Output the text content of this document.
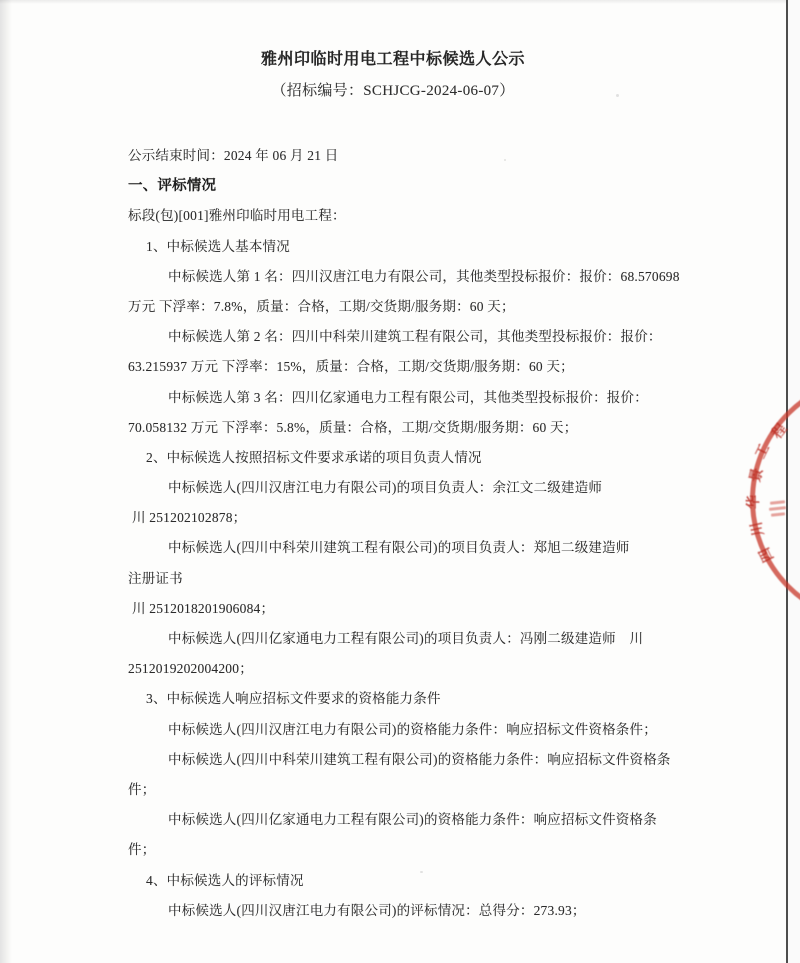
雅州印临时用电工程中标候选人公示
（招标编号：SCHJCG-2024-06-07）
公示结束时间：2024 年 06 月 21 日
一、评标情况
标段(包)[001]雅州印临时用电工程：
1、中标候选人基本情况
中标候选人第 1 名：四川汉唐江电力有限公司，其他类型投标报价：报价：68.570698
万元 下浮率：7.8%，质量：合格，工期/交货期/服务期：60 天；
中标候选人第 2 名：四川中科荣川建筑工程有限公司，其他类型投标报价：报价：
63.215937 万元 下浮率：15%，质量：合格，工期/交货期/服务期：60 天；
中标候选人第 3 名：四川亿家通电力工程有限公司，其他类型投标报价：报价：
70.058132 万元 下浮率：5.8%，质量：合格，工期/交货期/服务期：60 天；
2、中标候选人按照招标文件要求承诺的项目负责人情况
中标候选人(四川汉唐江电力有限公司)的项目负责人：余江文二级建造师
川 251202102878；
中标候选人(四川中科荣川建筑工程有限公司)的项目负责人：郑旭二级建造师
注册证书
川 2512018201906084；
中标候选人(四川亿家通电力工程有限公司)的项目负责人：冯刚二级建造师　川
2512019202004200；
3、中标候选人响应招标文件要求的资格能力条件
中标候选人(四川汉唐江电力有限公司)的资格能力条件：响应招标文件资格条件；
中标候选人(四川中科荣川建筑工程有限公司)的资格能力条件：响应招标文件资格条
件；
中标候选人(四川亿家通电力工程有限公司)的资格能力条件：响应招标文件资格条
件；
4、中标候选人的评标情况
中标候选人(四川汉唐江电力有限公司)的评标情况：总得分：273.93；
程
工
景
华
川
四
